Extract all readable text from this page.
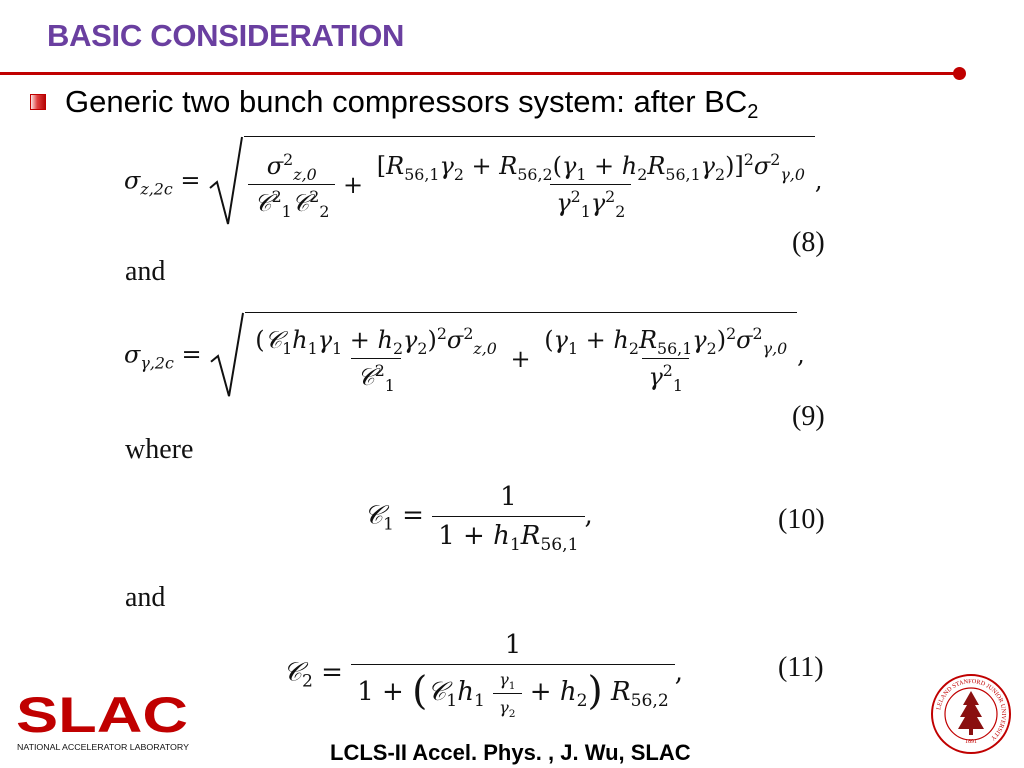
BASIC CONSIDERATION
Generic two bunch compressors system: after $BC_2$
$\sigma_{z,2c} = \frac{\sigma^2_{z,0}}{𝒞^2_1𝒞^2_2} + \frac{[R_{56,1}\gamma_2 + R_{56,2}(\gamma_1 + h_2R_{56,1}\gamma_2)]^2\sigma^2_{\gamma,0}}{\gamma^2_1\gamma^2_2}$ ,
(8)
and
$\sigma_{\gamma,2c} = \frac{(𝒞_1h_1\gamma_1 + h_2\gamma_2)^2\sigma^2_{z,0}}{𝒞^2_1} + \frac{(\gamma_1 + h_2R_{56,1}\gamma_2)^2\sigma^2_{\gamma,0}}{\gamma^2_1}$ ,
(9)
where
𝒞$_1$ = $\frac{1}{1 + h_1R_{56,1}}$ ,	(10)
and
𝒞$_2$ = $\frac{1}{1 + (𝒞_1h_1 \frac{\gamma_1}{\gamma_2} + h_2) R_{56,2}}$ ,	(11)
SLAC
NATIONAL ACCELERATOR LABORATORY	LCLS-II Accel. Phys. , J. Wu, SLAC
LELAND STANFORD JUNIOR UNIVERSITY
1891
